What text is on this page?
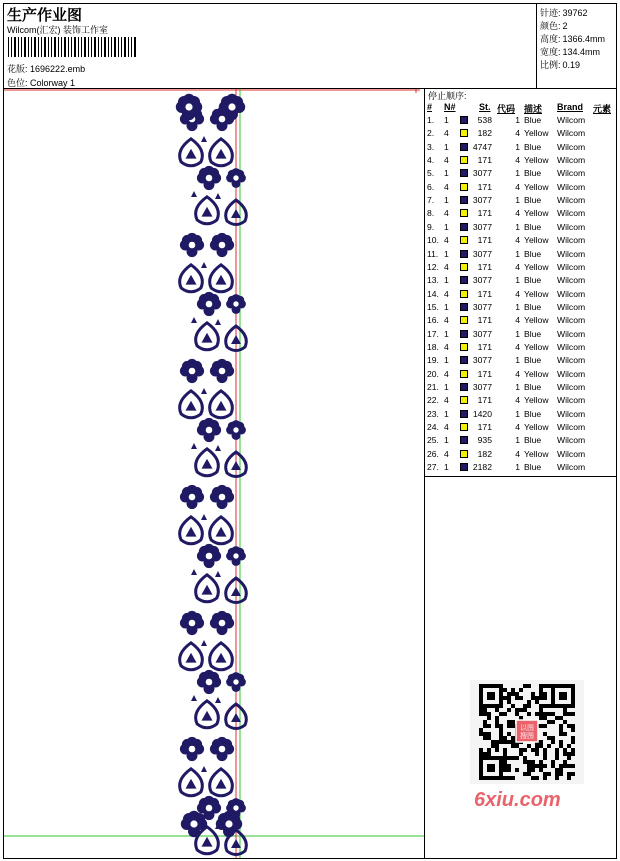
生产作业图
Wilcom(汇宏) 装饰工作室
花版: 1696222.emb
色位: Colorway 1
针迹: 39762
颜色: 2
高度: 1366.4mm
宽度: 134.4mm
比例: 0.19
停止顺序:
# N#	St. 代码 描述 Brand 元素
1. 1	538	1 Blue Wilcom
2. 4	182	4 Yellow Wilcom
3. 1	4747	1 Blue Wilcom
4. 4	171	4 Yellow Wilcom
5. 1	3077	1 Blue Wilcom
6. 4	171	4 Yellow Wilcom
7. 1	3077	1 Blue Wilcom
8. 4	171	4 Yellow Wilcom
9. 1	3077	1 Blue Wilcom
10. 4	171	4 Yellow Wilcom
11. 1	3077	1 Blue Wilcom
12. 4	171	4 Yellow Wilcom
13. 1	3077	1 Blue Wilcom
14. 4	171	4 Yellow Wilcom
15. 1	3077	1 Blue Wilcom
16. 4	171	4 Yellow Wilcom
17. 1	3077	1 Blue Wilcom
18. 4	171	4 Yellow Wilcom
19. 1	3077	1 Blue Wilcom
20. 4	171	4 Yellow Wilcom
21. 1	3077	1 Blue Wilcom
22. 4	171	4 Yellow Wilcom
23. 1	1420	1 Blue Wilcom
24. 4	171	4 Yellow Wilcom
25. 1	935	1 Blue Wilcom
26. 4	182	4 Yellow Wilcom
27. 1	2182	1 Blue Wilcom
以图搜图
6xiu.com
